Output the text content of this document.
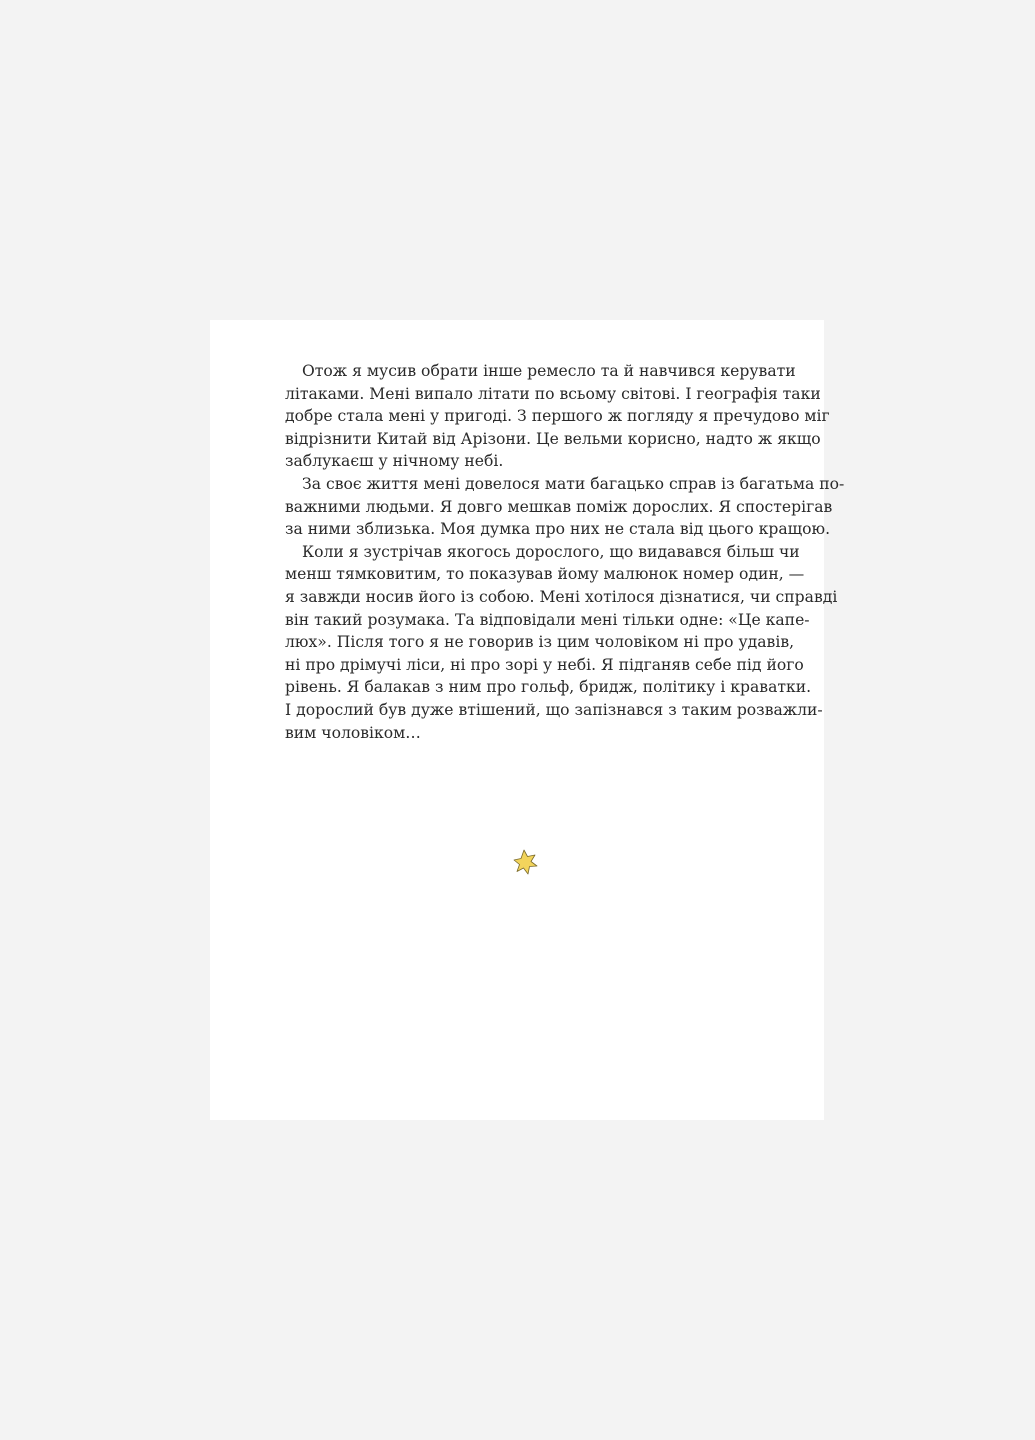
Отож я мусив обрати інше ремесло та й навчився керувати
літаками. Мені випало літати по всьому світові. І географія таки
добре стала мені у пригоді. З першого ж погляду я пречудово міг
відрізнити Китай від Арізони. Це вельми корисно, надто ж якщо
заблукаєш у нічному небі.
За своє життя мені довелося мати багацько справ із багатьма по-
важними людьми. Я довго мешкав поміж дорослих. Я спостерігав
за ними зблизька. Моя думка про них не стала від цього кращою.
Коли я зустрічав якогось дорослого, що видавався більш чи
менш тямковитим, то показував йому малюнок номер один, —
я завжди носив його із собою. Мені хотілося дізнатися, чи справді
він такий розумака. Та відповідали мені тільки одне: «Це капе-
люх». Після того я не говорив із цим чоловіком ні про удавів,
ні про дрімучі ліси, ні про зорі у небі. Я підганяв себе під його
рівень. Я балакав з ним про гольф, бридж, політику і краватки.
І дорослий був дуже втішений, що запізнався з таким розважли-
вим чоловіком…
